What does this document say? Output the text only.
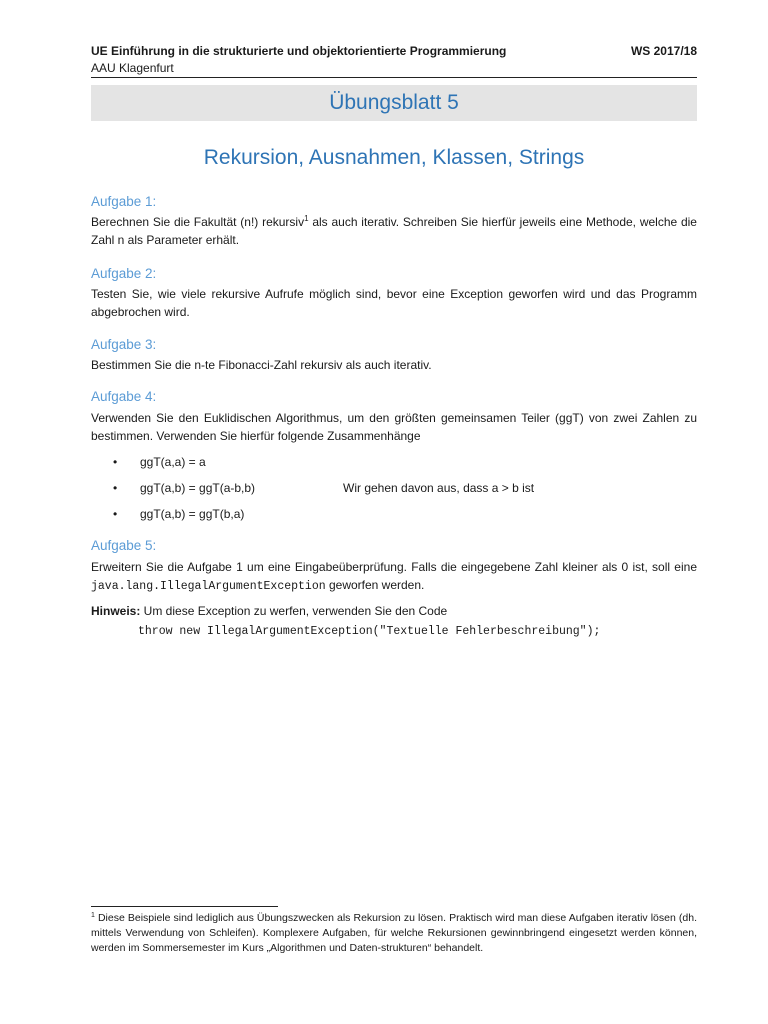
UE Einführung in die strukturierte und objektorientierte Programmierung	WS 2017/18
AAU Klagenfurt
Übungsblatt 5
Rekursion, Ausnahmen, Klassen, Strings
Aufgabe 1:
Berechnen Sie die Fakultät (n!) rekursiv$^1$ als auch iterativ. Schreiben Sie hierfür jeweils eine Methode, welche die Zahl n als Parameter erhält.
Aufgabe 2:
Testen Sie, wie viele rekursive Aufrufe möglich sind, bevor eine Exception geworfen wird und das Programm abgebrochen wird.
Aufgabe 3:
Bestimmen Sie die n-te Fibonacci-Zahl rekursiv als auch iterativ.
Aufgabe 4:
Verwenden Sie den Euklidischen Algorithmus, um den größten gemeinsamen Teiler (ggT) von zwei Zahlen zu bestimmen. Verwenden Sie hierfür folgende Zusammenhänge
• ggT(a,a) = a
• ggT(a,b) = ggT(a-b,b)	Wir gehen davon aus, dass a > b ist
• ggT(a,b) = ggT(b,a)
Aufgabe 5:
Erweitern Sie die Aufgabe 1 um eine Eingabeüberprüfung. Falls die eingegebene Zahl kleiner als 0 ist, soll eine java.lang.IllegalArgumentException geworfen werden.
Hinweis: Um diese Exception zu werfen, verwenden Sie den Code
throw new IllegalArgumentException("Textuelle Fehlerbeschreibung");
$^1$ Diese Beispiele sind lediglich aus Übungszwecken als Rekursion zu lösen. Praktisch wird man diese Aufgaben iterativ lösen (dh. mittels Verwendung von Schleifen). Komplexere Aufgaben, für welche Rekursionen gewinnbringend eingesetzt werden können, werden im Sommersemester im Kurs „Algorithmen und Daten-strukturen“ behandelt.
